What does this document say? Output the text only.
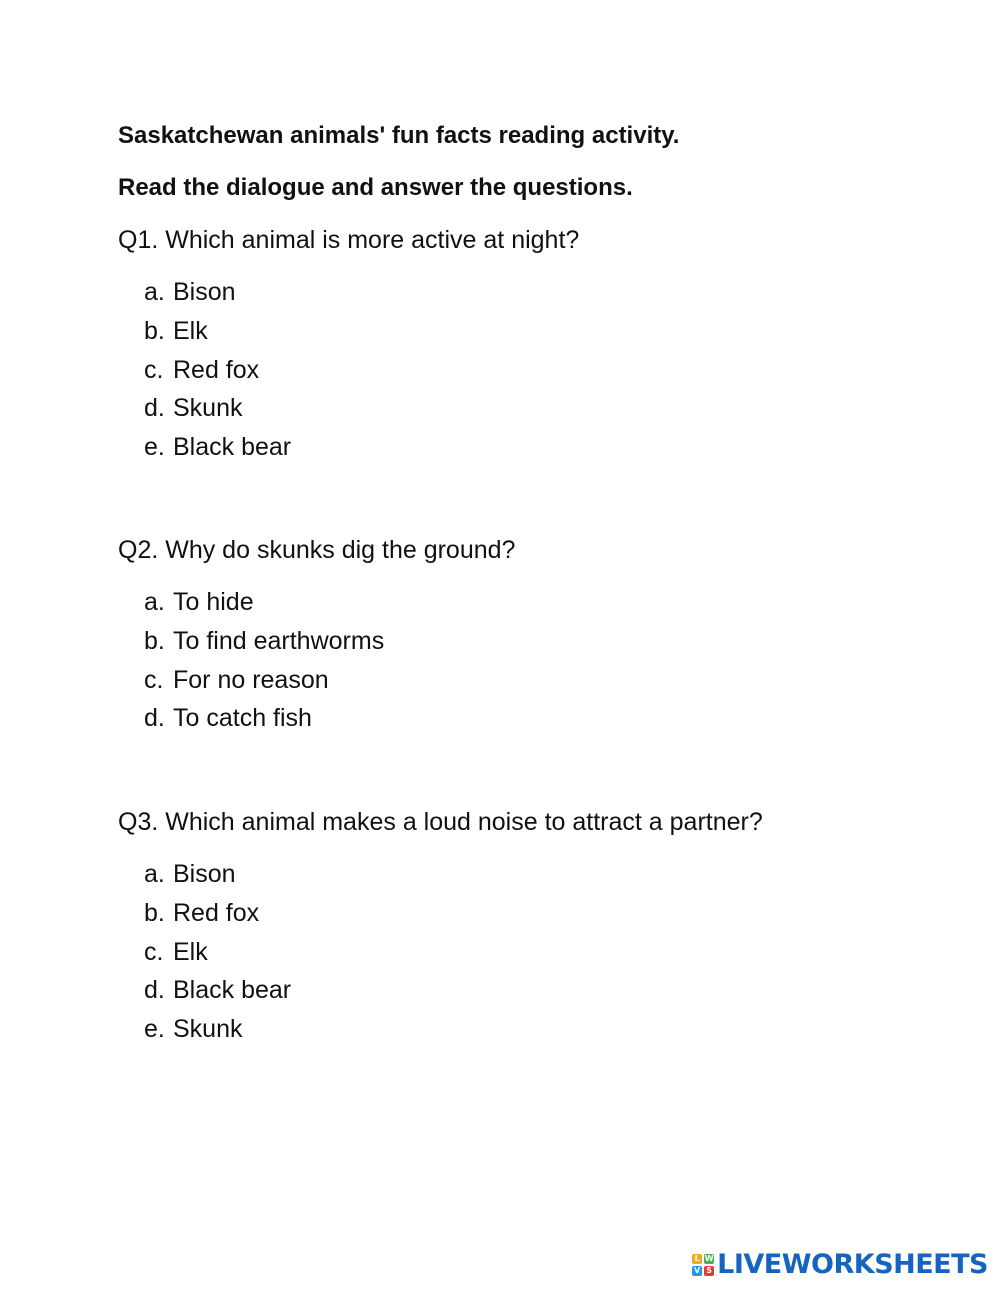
Saskatchewan animals' fun facts reading activity.
Read the dialogue and answer the questions.
Q1. Which animal is more active at night?
a. Bison
b. Elk
c. Red fox
d. Skunk
e. Black bear
Q2. Why do skunks dig the ground?
a. To hide
b. To find earthworms
c. For no reason
d. To catch fish
Q3. Which animal makes a loud noise to attract a partner?
a. Bison
b. Red fox
c. Elk
d. Black bear
e. Skunk
L W
V S LIVEWORKSHEETS
